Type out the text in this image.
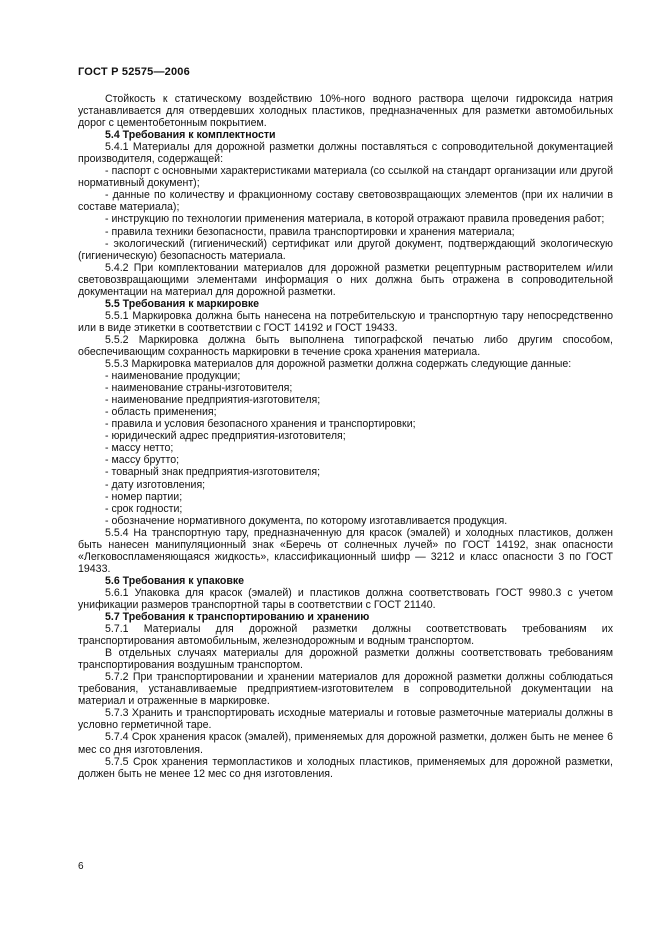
ГОСТ Р 52575—2006

Стойкость к статическому воздействию 10%-ного водного раствора щелочи гидроксида натрия устанавливается для отвердевших холодных пластиков, предназначенных для разметки автомобильных дорог с цементобетонным покрытием.

5.4 Требования к комплектности

5.4.1 Материалы для дорожной разметки должны поставляться с сопроводительной документацией производителя, содержащей:

- паспорт с основными характеристиками материала (со ссылкой на стандарт организации или другой нормативный документ);

- данные по количеству и фракционному составу световозвращающих элементов (при их наличии в составе материала);

- инструкцию по технологии применения материала, в которой отражают правила проведения работ;

- правила техники безопасности, правила транспортировки и хранения материала;

- экологический (гигиенический) сертификат или другой документ, подтверждающий экологическую (гигиеническую) безопасность материала.

5.4.2 При комплектовании материалов для дорожной разметки рецептурным растворителем и/или световозвращающими элементами информация о них должна быть отражена в сопроводительной документации на материал для дорожной разметки.

5.5 Требования к маркировке

5.5.1 Маркировка должна быть нанесена на потребительскую и транспортную тару непосредственно или в виде этикетки в соответствии с ГОСТ 14192 и ГОСТ 19433.

5.5.2 Маркировка должна быть выполнена типографской печатью либо другим способом, обеспечивающим сохранность маркировки в течение срока хранения материала.

5.5.3 Маркировка материалов для дорожной разметки должна содержать следующие данные:

- наименование продукции;

- наименование страны-изготовителя;

- наименование предприятия-изготовителя;

- область применения;

- правила и условия безопасного хранения и транспортировки;

- юридический адрес предприятия-изготовителя;

- массу нетто;

- массу брутто;

- товарный знак предприятия-изготовителя;

- дату изготовления;

- номер партии;

- срок годности;

- обозначение нормативного документа, по которому изготавливается продукция.

5.5.4 На транспортную тару, предназначенную для красок (эмалей) и холодных пластиков, должен быть нанесен манипуляционный знак «Беречь от солнечных лучей» по ГОСТ 14192, знак опасности «Легковоспламеняющаяся жидкость», классификационный шифр — 3212 и класс опасности 3 по ГОСТ 19433.

5.6 Требования к упаковке

5.6.1 Упаковка для красок (эмалей) и пластиков должна соответствовать ГОСТ 9980.3 с учетом унификации размеров транспортной тары в соответствии с ГОСТ 21140.

5.7 Требования к транспортированию и хранению

5.7.1 Материалы для дорожной разметки должны соответствовать требованиям их транспортирования автомобильным, железнодорожным и водным транспортом.

В отдельных случаях материалы для дорожной разметки должны соответствовать требованиям транспортирования воздушным транспортом.

5.7.2 При транспортировании и хранении материалов для дорожной разметки должны соблюдаться требования, устанавливаемые предприятием-изготовителем в сопроводительной документации на материал и отраженные в маркировке.

5.7.3 Хранить и транспортировать исходные материалы и готовые разметочные материалы должны в условно герметичной таре.

5.7.4 Срок хранения красок (эмалей), применяемых для дорожной разметки, должен быть не менее 6 мес со дня изготовления.

5.7.5 Срок хранения термопластиков и холодных пластиков, применяемых для дорожной разметки, должен быть не менее 12 мес со дня изготовления.

6
